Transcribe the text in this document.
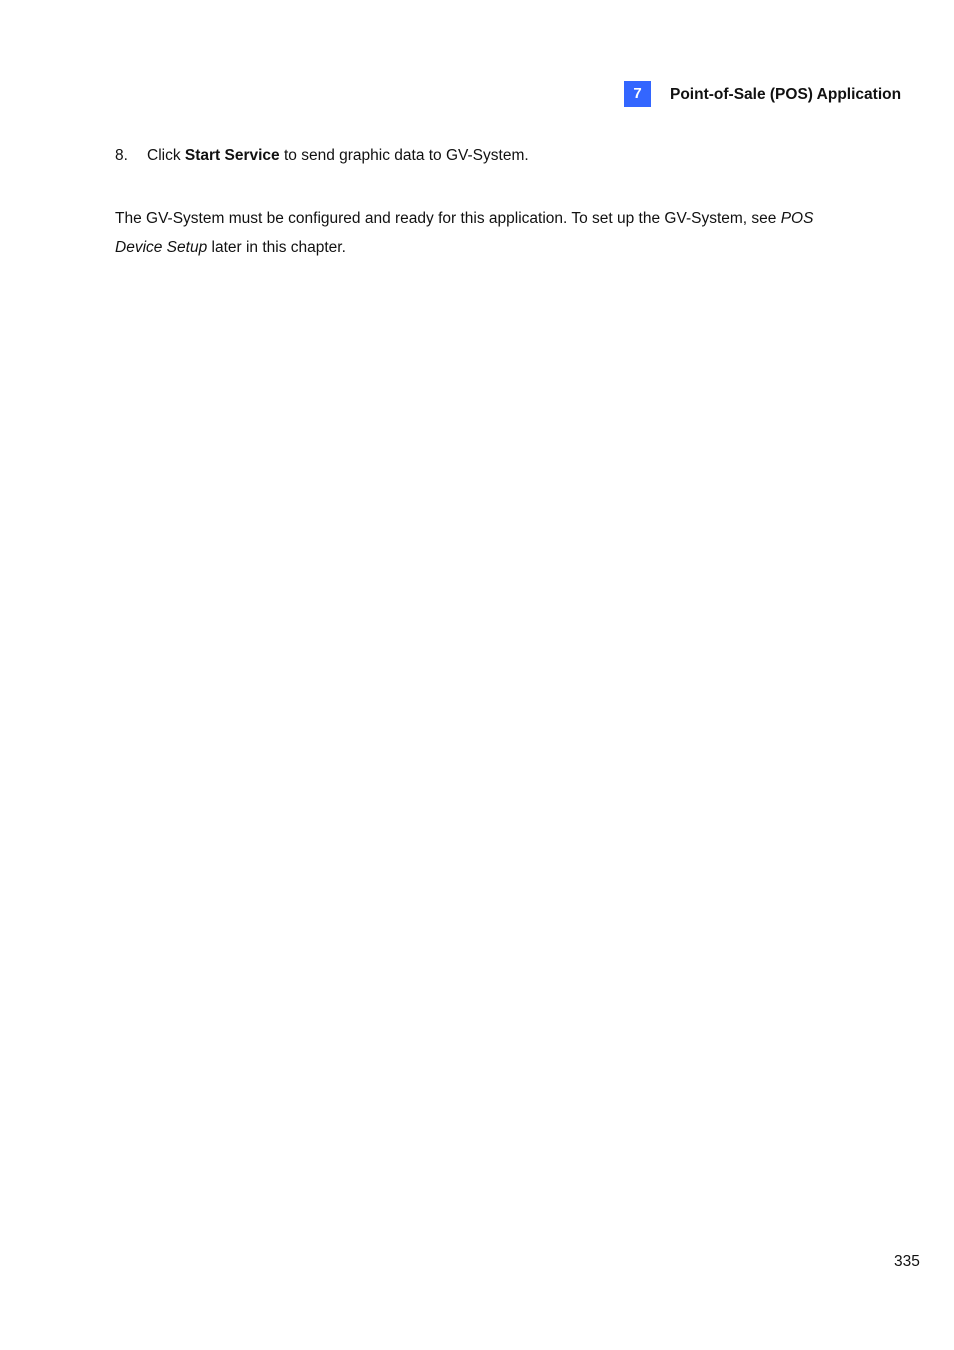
7	Point-of-Sale (POS) Application
8. Click Start Service to send graphic data to GV-System.

The GV-System must be configured and ready for this application. To set up the GV-System, see POS Device Setup later in this chapter.

335
